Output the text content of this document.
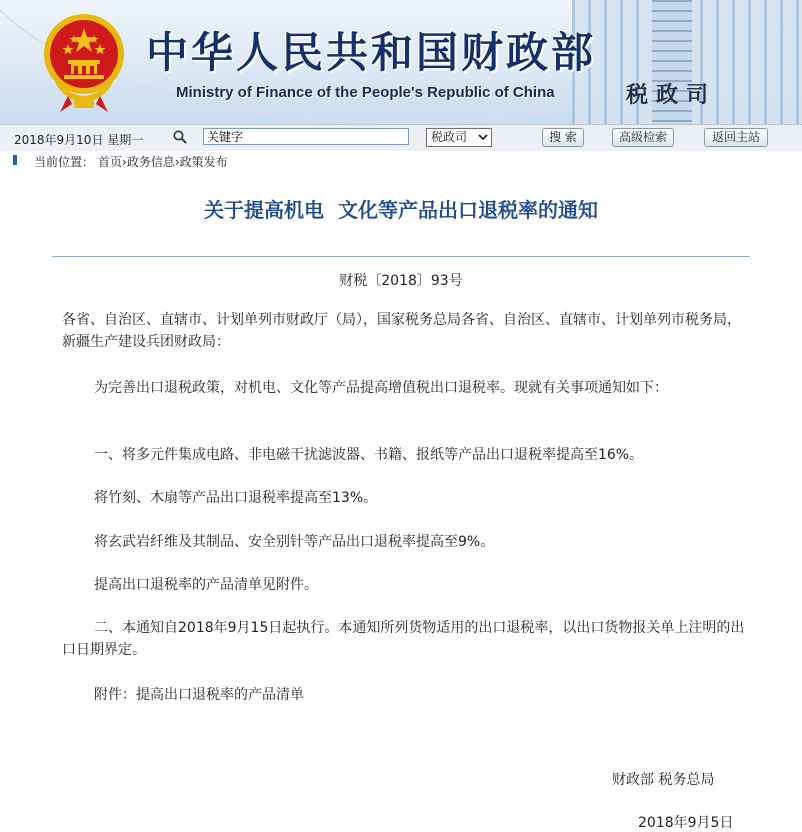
中华人民共和国财政部
Ministry of Finance of the People's Republic of China	税政司
2018年9月10日 星期一
关键字	税政司	搜 索	高级检索	返回主站
当前位置： 首页›政务信息›政策发布
关于提高机电  文化等产品出口退税率的通知
财税〔2018〕93号
各省、自治区、直辖市、计划单列市财政厅（局），国家税务总局各省、自治区、直辖市、计划单列市税务局，新疆生产建设兵团财政局：
为完善出口退税政策，对机电、文化等产品提高增值税出口退税率。现就有关事项通知如下：
一、将多元件集成电路、非电磁干扰滤波器、书籍、报纸等产品出口退税率提高至16%。
将竹刻、木扇等产品出口退税率提高至13%。
将玄武岩纤维及其制品、安全别针等产品出口退税率提高至9%。
提高出口退税率的产品清单见附件。
二、本通知自2018年9月15日起执行。本通知所列货物适用的出口退税率，以出口货物报关单上注明的出口日期界定。
附件：提高出口退税率的产品清单
财政部 税务总局
2018年9月5日
